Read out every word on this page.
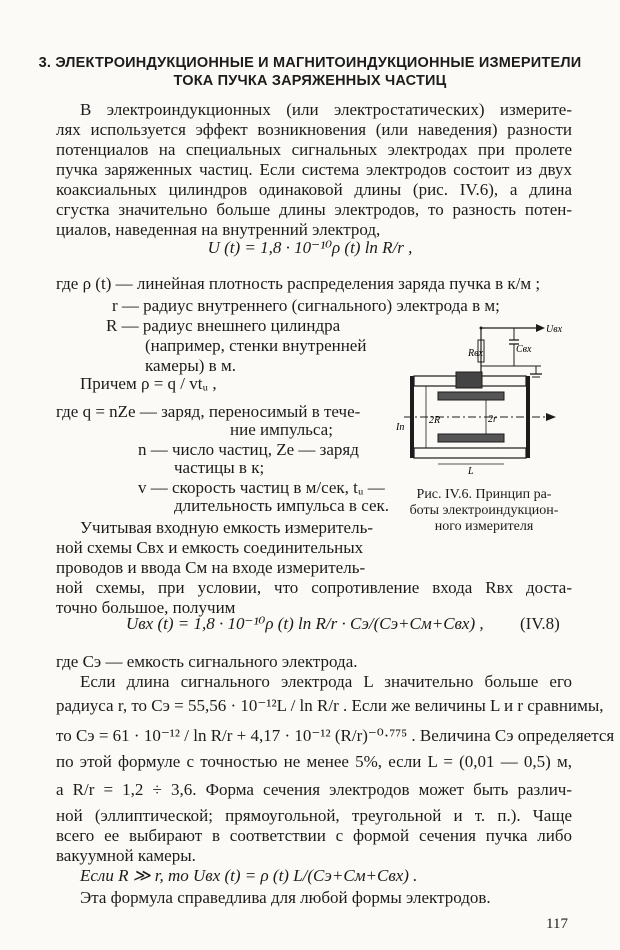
3. ЭЛЕКТРОИНДУКЦИОННЫЕ И МАГНИТОИНДУКЦИОННЫЕ ИЗМЕРИТЕЛИ
ТОКА ПУЧКА ЗАРЯЖЕННЫХ ЧАСТИЦ
В электроиндукционных (или электростатических) измерите-
лях используется эффект возникновения (или наведения) разности
потенциалов на специальных сигнальных электродах при пролете
пучка заряженных частиц. Если система электродов состоит из двух
коаксиальных цилиндров одинаковой длины (рис. IV.6), а длина
сгустка значительно больше длины электродов, то разность потен-
циалов, наведенная на внутренний электрод,
U (t) = 1,8 · 10⁻¹⁰ρ (t) ln R/r ,
где ρ (t) — линейная плотность распределения заряда пучка в к/м ;
r — радиус внутреннего (сигнального) электрода в м;
R — радиус внешнего цилиндра
(например, стенки внутренней
камеры) в м.
Причем ρ = q / vtᵤ ,
где q = nZe — заряд, переносимый в тече-
ние импульса;
n — число частиц, Ze — заряд
частицы в к;
v — скорость частиц в м/сек, tᵤ —
длительность импульса в сек.
Учитывая входную емкость измеритель-
ной схемы Cвх и емкость соединительных
проводов и ввода Cм на входе измеритель-
ной схемы, при условии, что сопротивление входа Rвх доста-
точно большое, получим
Uвх (t) = 1,8 · 10⁻¹⁰ρ (t) ln R/r · Cэ/(Cэ+Cм+Cвх) , (IV.8)
где Cэ — емкость сигнального электрода.
Если длина сигнального электрода L значительно больше его
радиуса r, то Cэ = 55,56 · 10⁻¹²L / ln R/r . Если же величины L и r сравнимы,
то Cэ = 61 · 10⁻¹² / ln R/r + 4,17 · 10⁻¹² (R/r)⁻⁰·⁷⁷⁵ . Величина Cэ определяется
по этой формуле с точностью не менее 5%, если L = (0,01 — 0,5) м,
а R/r = 1,2 ÷ 3,6. Форма сечения электродов может быть различ-
ной (эллиптической; прямоугольной, треугольной и т. п.). Чаще
всего ее выбирают в соответствии с формой сечения пучка либо
вакуумной камеры.
Если R ≫ r, то Uвх (t) = ρ (t) L/(Cэ+Cм+Cвх) .
Эта формула справедлива для любой формы электродов.
Uвх
Rвх	Cвх
2R	2r
Iп
L
Рис. IV.6. Принцип ра-
боты электроиндукцион-
ного измерителя
117
